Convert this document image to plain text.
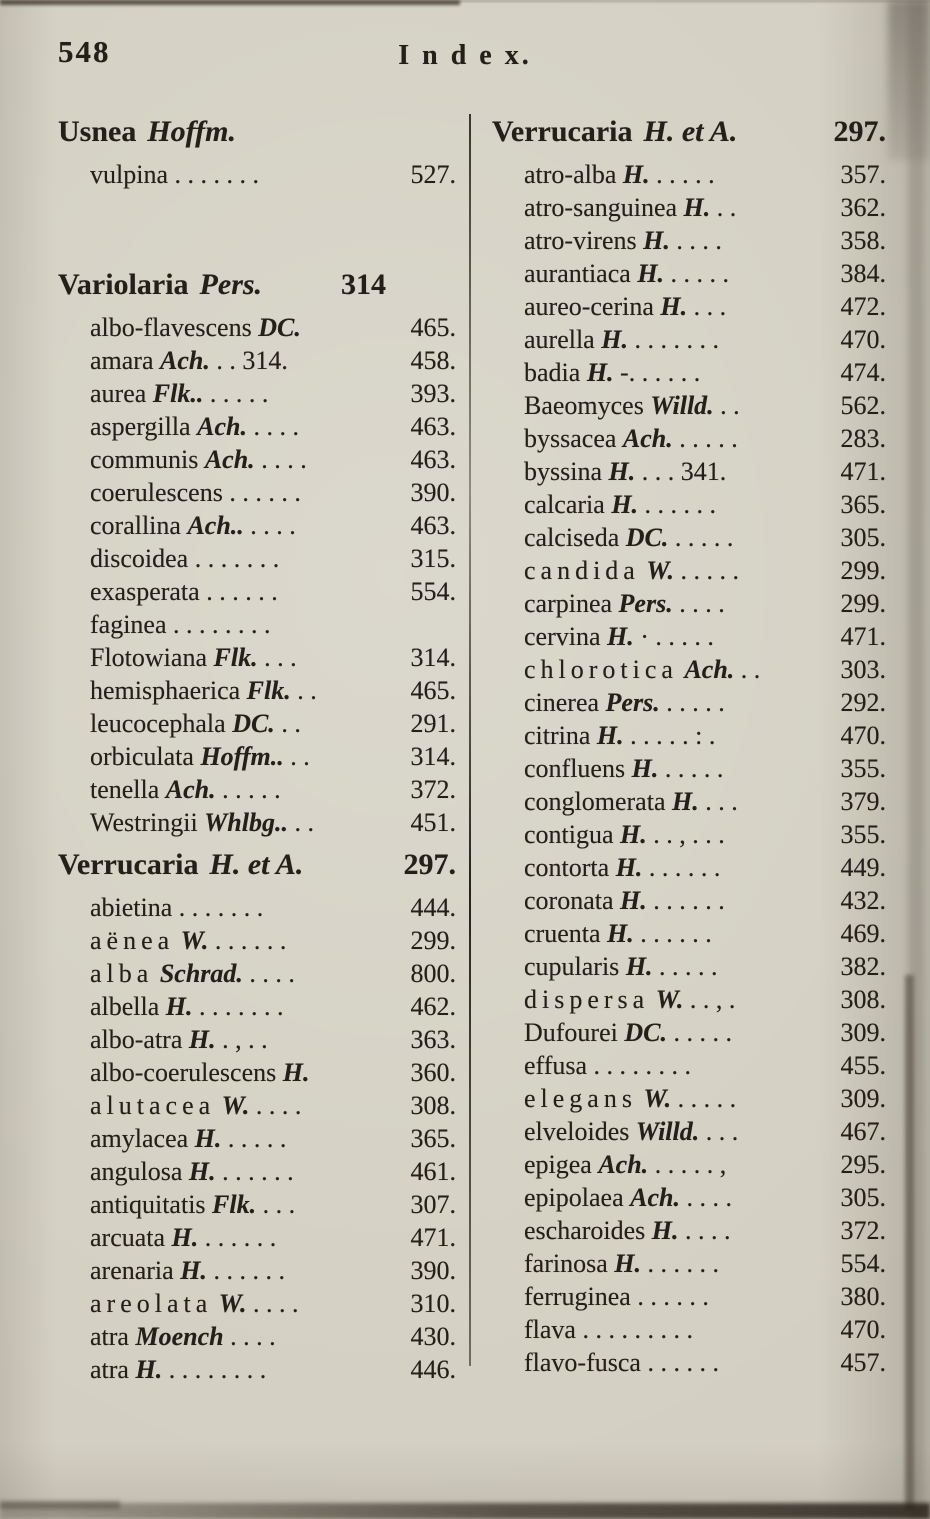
548	I n d e x.
Usnea Hoffm.
vulpina . . . . . . .	527.
Variolaria Pers.	314
albo-flavescens DC.	465.
amara Ach. . . 314.	458.
aurea Flk.. . . . . .	393.
aspergilla Ach. . . . .	463.
communis Ach. . . . .	463.
coerulescens . . . . . .	390.
corallina Ach.. . . . .	463.
discoidea . . . . . . .	315.
exasperata . . . . . .	554.
faginea . . . . . . . .
Flotowiana Flk. . . .	314.
hemisphaerica Flk. . .	465.
leucocephala DC. . .	291.
orbiculata Hoffm.. . .	314.
tenella Ach. . . . . .	372.
Westringii Whlbg.. . .	451.
Verrucaria H. et A.	297.
abietina . . . . . . .	444.
aënea W. . . . . . .	299.
alba Schrad. . . . .	800.
albella H. . . . . . . .	462.
albo-atra H. . , . .	363.
albo-coerulescens H.	360.
alutacea W. . . . .	308.
amylacea H. . . . . .	365.
angulosa H. . . . . . .	461.
antiquitatis Flk. . . .	307.
arcuata H. . . . . . .	471.
arenaria H. . . . . . .	390.
areolata W. . . . .	310.
atra Moench . . . .	430.
atra H. . . . . . . . .	446.
Verrucaria H. et A.	297.
atro-alba H. . . . . .	357.
atro-sanguinea H. . .	362.
atro-virens H. . . . .	358.
aurantiaca H. . . . . .	384.
aureo-cerina H. . . .	472.
aurella H. . . . . . . .	470.
badia H. -. . . . . .	474.
Baeomyces Willd. . .	562.
byssacea Ach. . . . . .	283.
byssina H. . . . 341.	471.
calcaria H. . . . . . .	365.
calciseda DC. . . . . .	305.
candida W. . . . . .	299.
carpinea Pers. . . . .	299.
cervina H. · . . . . .	471.
chlorotica Ach. . .	303.
cinerea Pers. . . . . .	292.
citrina H. . . . . . : .	470.
confluens H. . . . . .	355.
conglomerata H. . . .	379.
contigua H. . . , . . .	355.
contorta H. . . . . . .	449.
coronata H. . . . . . .	432.
cruenta H. . . . . . .	469.
cupularis H. . . . . .	382.
dispersa W. . . , .	308.
Dufourei DC. . . . . .	309.
effusa . . . . . . . .	455.
elegans W. . . . . .	309.
elveloides Willd. . . .	467.
epigea Ach. . . . . . ,	295.
epipolaea Ach. . . . .	305.
escharoides H. . . . .	372.
farinosa H. . . . . . .	554.
ferruginea . . . . . .	380.
flava . . . . . . . . .	470.
flavo-fusca . . . . . .	457.
